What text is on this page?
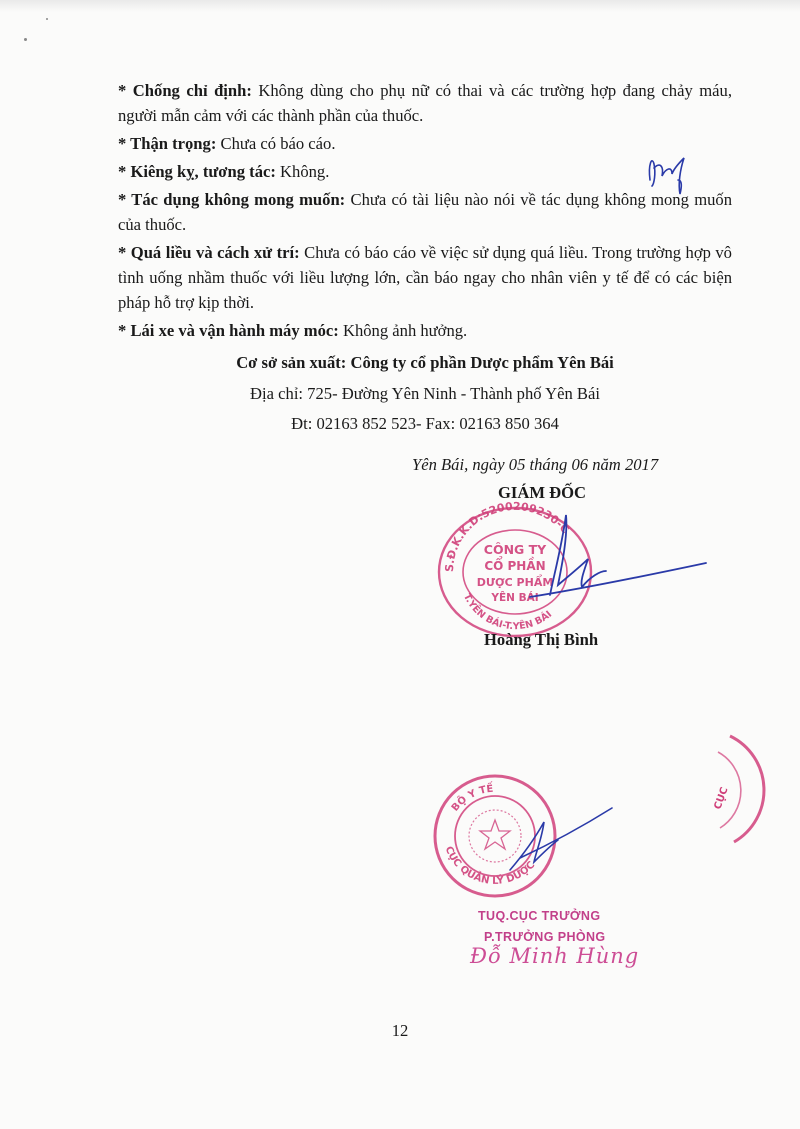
* Chống chỉ định: Không dùng cho phụ nữ có thai và các trường hợp đang chảy máu, người mẫn cảm với các thành phần của thuốc.

* Thận trọng: Chưa có báo cáo.

* Kiêng kỵ, tương tác: Không.

* Tác dụng không mong muốn: Chưa có tài liệu nào nói về tác dụng không mong muốn của thuốc.

* Quá liều và cách xử trí: Chưa có báo cáo về việc sử dụng quá liều. Trong trường hợp vô tình uống nhầm thuốc với liều lượng lớn, cần báo ngay cho nhân viên y tế để có các biện pháp hỗ trợ kịp thời.

* Lái xe và vận hành máy móc: Không ảnh hưởng.

Cơ sở sản xuất: Công ty cổ phần Dược phẩm Yên Bái
Địa chỉ: 725- Đường Yên Ninh - Thành phố Yên Bái
Đt: 02163 852 523- Fax: 02163 850 364
Yên Bái, ngày 05 tháng 06 năm 2017
GIÁM ĐỐC
S.Đ.K.K.D:5200209230-C
T.YÊN BÁI-T.YÊN BÁI
CÔNG TY
CỔ PHẦN
DƯỢC PHẨM
YÊN BÁI
Hoàng Thị Bình
BỘ Y TẾ
CỤC QUẢN LÝ DƯỢC
CỤC
TUQ.CỤC TRƯỞNG
P.TRƯỞNG PHÒNG
Đỗ Minh Hùng
12
